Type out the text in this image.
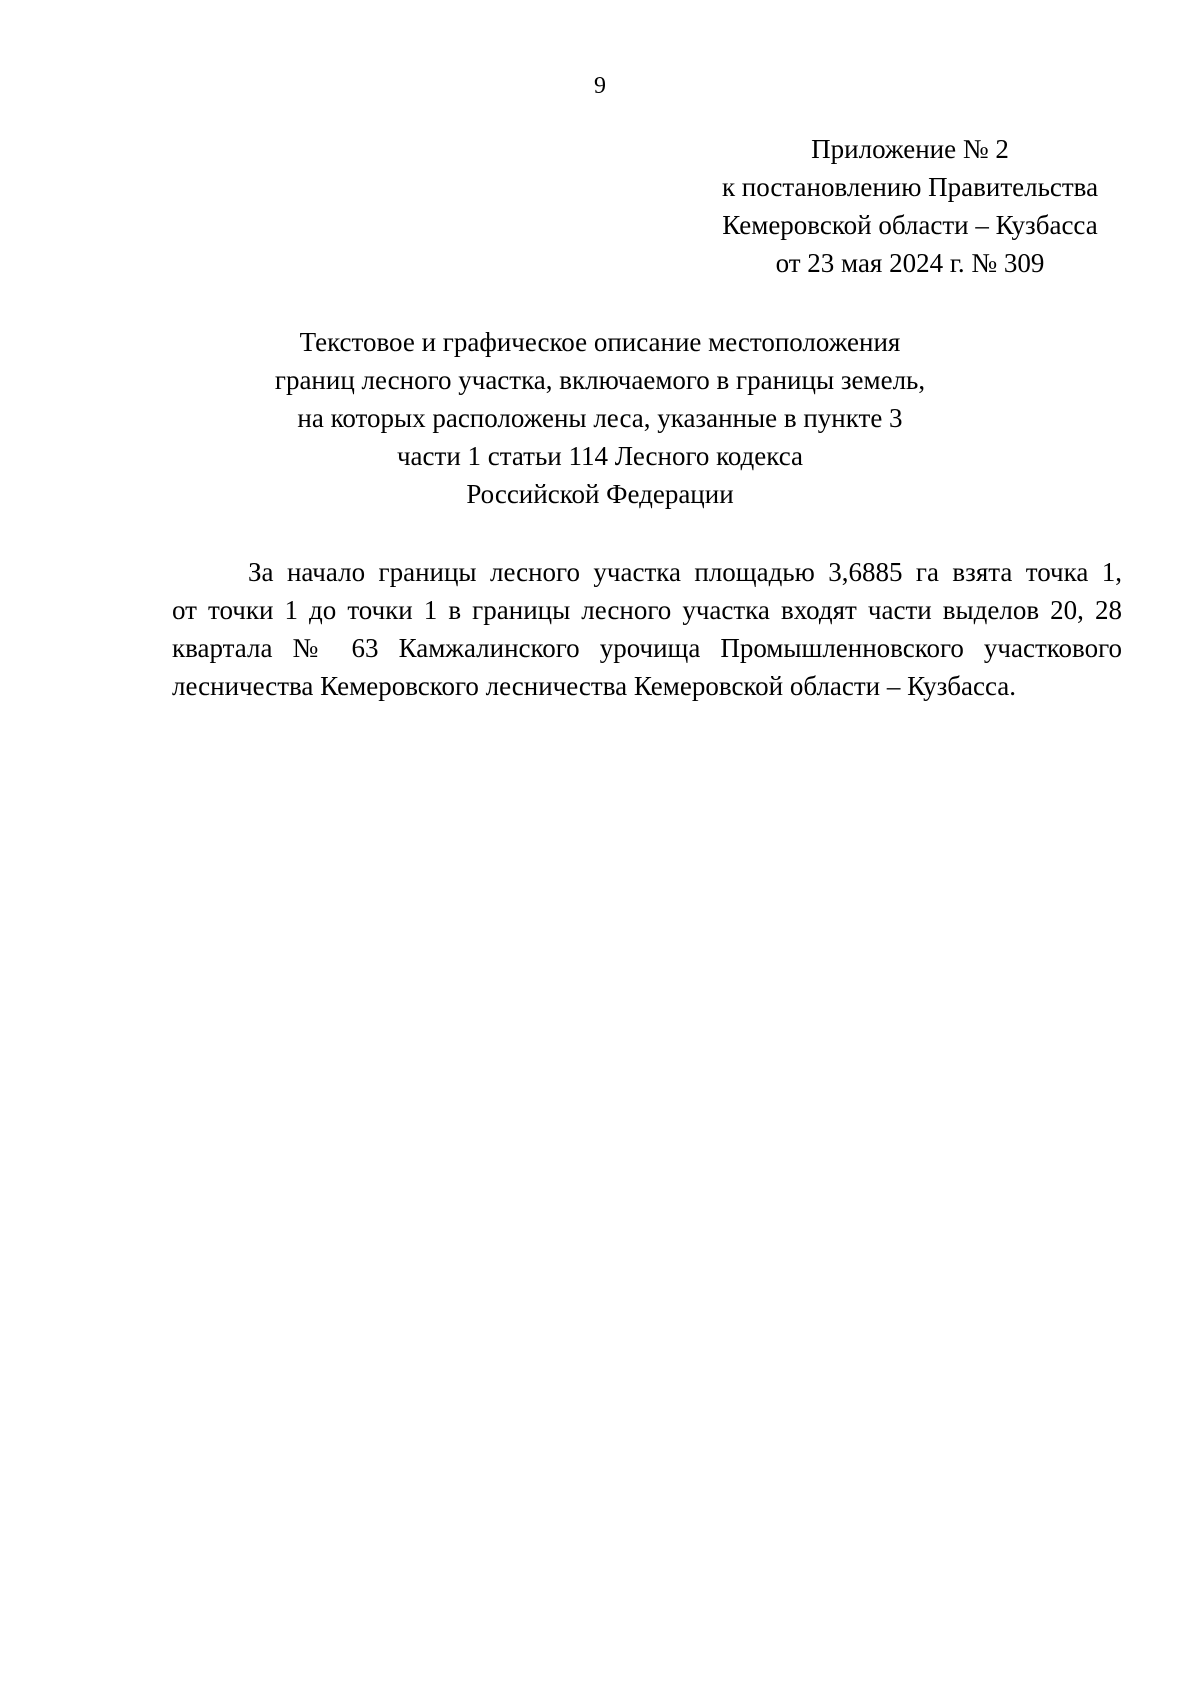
9
Приложение № 2
к постановлению Правительства
Кемеровской области – Кузбасса
от 23 мая 2024 г. № 309
Текстовое и графическое описание местоположения
границ лесного участка, включаемого в границы земель,
на которых расположены леса, указанные в пункте 3
части 1 статьи 114 Лесного кодекса
Российской Федерации
За начало границы лесного участка площадью 3,6885 га взята точка 1,
от точки 1 до точки 1 в границы лесного участка входят части выделов 20, 28
квартала № 63 Камжалинского урочища Промышленновского участкового
лесничества Кемеровского лесничества Кемеровской области – Кузбасса.
